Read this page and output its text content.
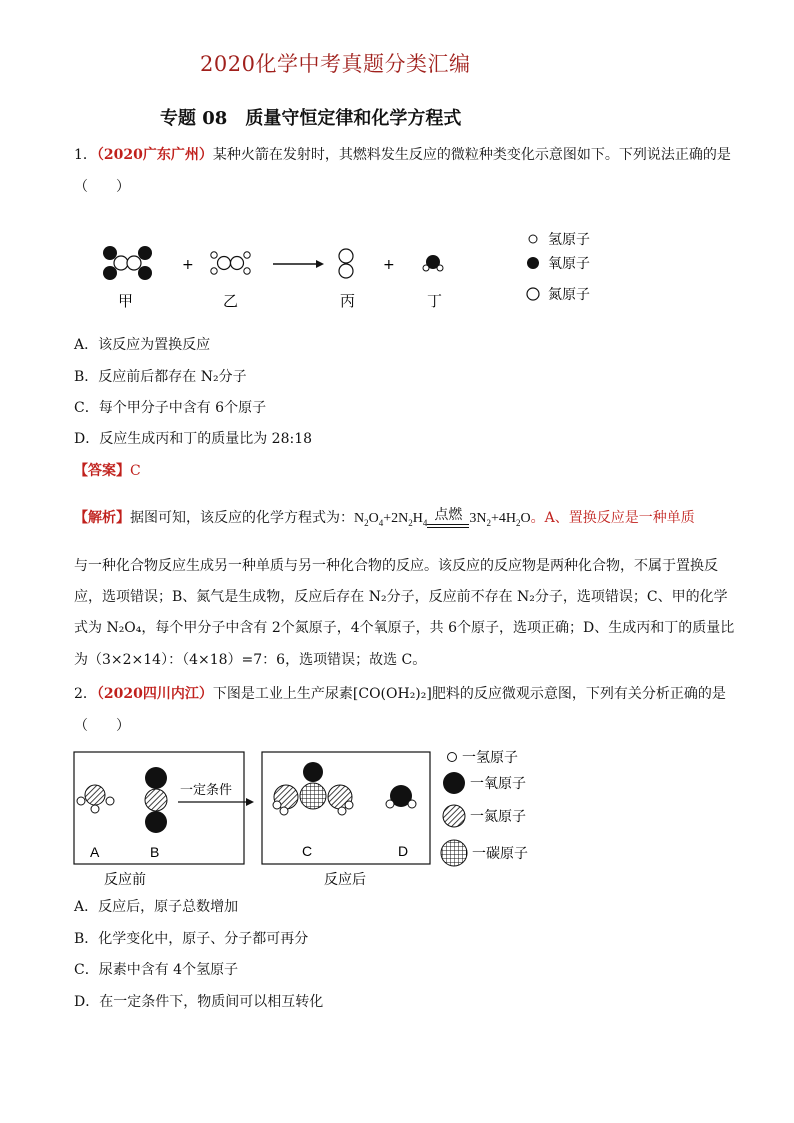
2020化学中考真题分类汇编
专题 08　质量守恒定律和化学方程式
1．（2020广东广州）某种火箭在发射时，其燃料发生反应的微粒种类变化示意图如下。下列说法正确的是
（　　）
+	+
甲	乙	丙	丁
氢原子
氧原子
氮原子
A．该反应为置换反应
B．反应前后都存在 N₂分子
C．每个甲分子中含有 6个原子
D．反应生成丙和丁的质量比为 28:18
【答案】C
【解析】据图可知，该反应的化学方程式为：$N_2O_4+2N_2H_4$ 点燃 $3N_2+4H_2O$。A、置换反应是一种单质
与一种化合物反应生成另一种单质与另一种化合物的反应。该反应的反应物是两种化合物，不属于置换反
应，选项错误；B、氮气是生成物，反应后存在 N₂分子，反应前不存在 N₂分子，选项错误；C、甲的化学
式为 N₂O₄，每个甲分子中含有 2个氮原子，4个氧原子，共 6个原子，选项正确；D、生成丙和丁的质量比
为（3×2×14）：（4×18）=7：6，选项错误；故选 C。
2．（2020四川内江）下图是工业上生产尿素[CO(OH₂)₂]肥料的反应微观示意图，下列有关分析正确的是
（　　）
A	B
一定条件
C	D
反应前	反应后
一氢原子
一氧原子
一氮原子
一碳原子
A．反应后，原子总数增加
B．化学变化中，原子、分子都可再分
C．尿素中含有 4个氢原子
D．在一定条件下，物质间可以相互转化
